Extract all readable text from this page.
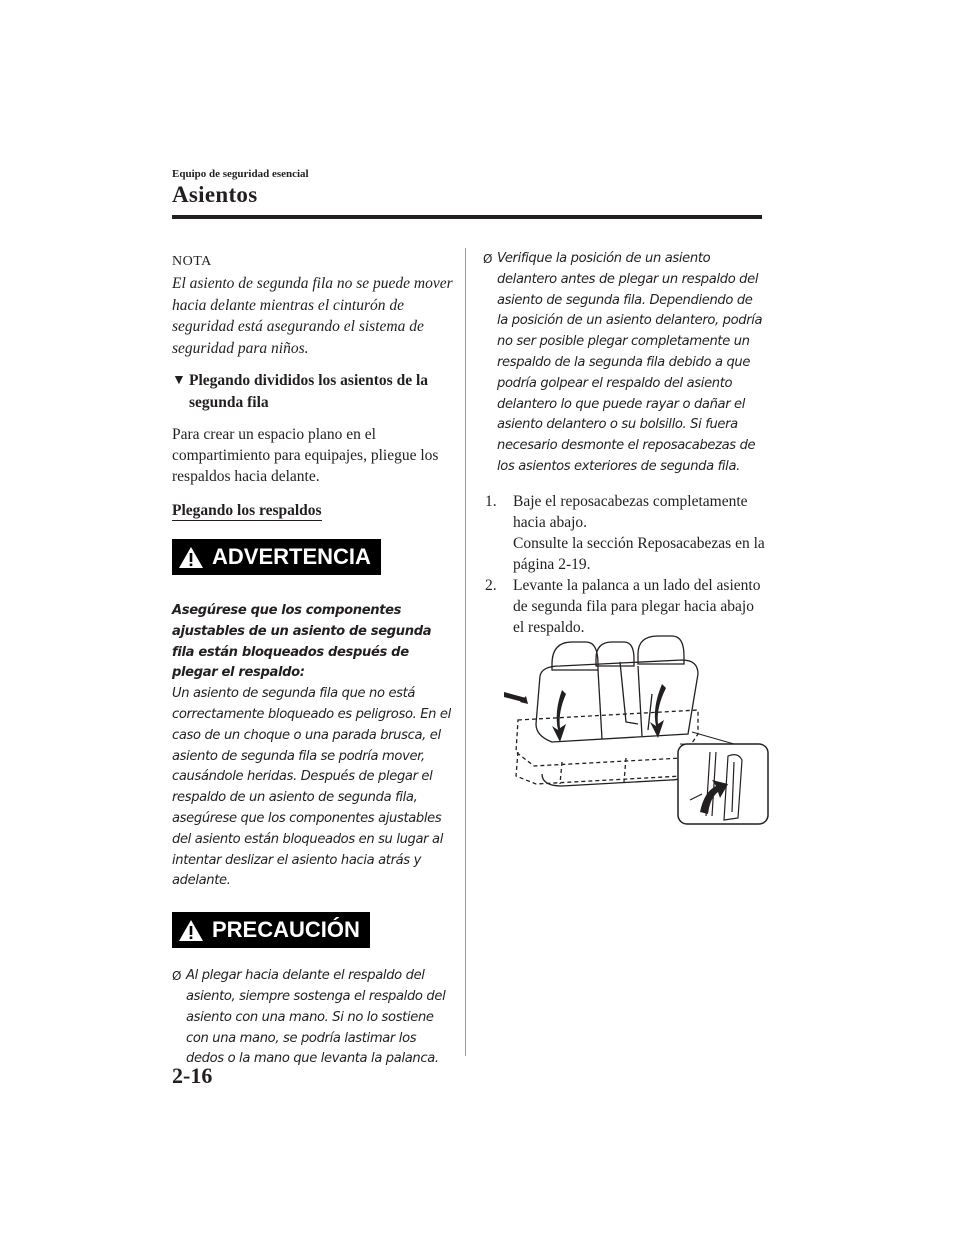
Equipo de seguridad esencial
Asientos
NOTA
El asiento de segunda fila no se puede mover hacia delante mientras el cinturón de seguridad está asegurando el sistema de seguridad para niños.
▼ Plegando divididos los asientos de la segunda fila
Para crear un espacio plano en el compartimiento para equipajes, pliegue los respaldos hacia delante.
Plegando los respaldos
ADVERTENCIA
Asegúrese que los componentes ajustables de un asiento de segunda fila están bloqueados después de plegar el respaldo:
Un asiento de segunda fila que no está correctamente bloqueado es peligroso. En el caso de un choque o una parada brusca, el asiento de segunda fila se podría mover, causándole heridas. Después de plegar el respaldo de un asiento de segunda fila, asegúrese que los componentes ajustables del asiento están bloqueados en su lugar al intentar deslizar el asiento hacia atrás y adelante.
PRECAUCIÓN
Ø Al plegar hacia delante el respaldo del asiento, siempre sostenga el respaldo del asiento con una mano. Si no lo sostiene con una mano, se podría lastimar los dedos o la mano que levanta la palanca.
Ø Verifique la posición de un asiento delantero antes de plegar un respaldo del asiento de segunda fila. Dependiendo de la posición de un asiento delantero, podría no ser posible plegar completamente un respaldo de la segunda fila debido a que podría golpear el respaldo del asiento delantero lo que puede rayar o dañar el asiento delantero o su bolsillo. Si fuera necesario desmonte el reposacabezas de los asientos exteriores de segunda fila.
1.	Baje el reposacabezas completamente hacia abajo.
Consulte la sección Reposacabezas en la página 2-19.
2.	Levante la palanca a un lado del asiento de segunda fila para plegar hacia abajo el respaldo.
2-16
